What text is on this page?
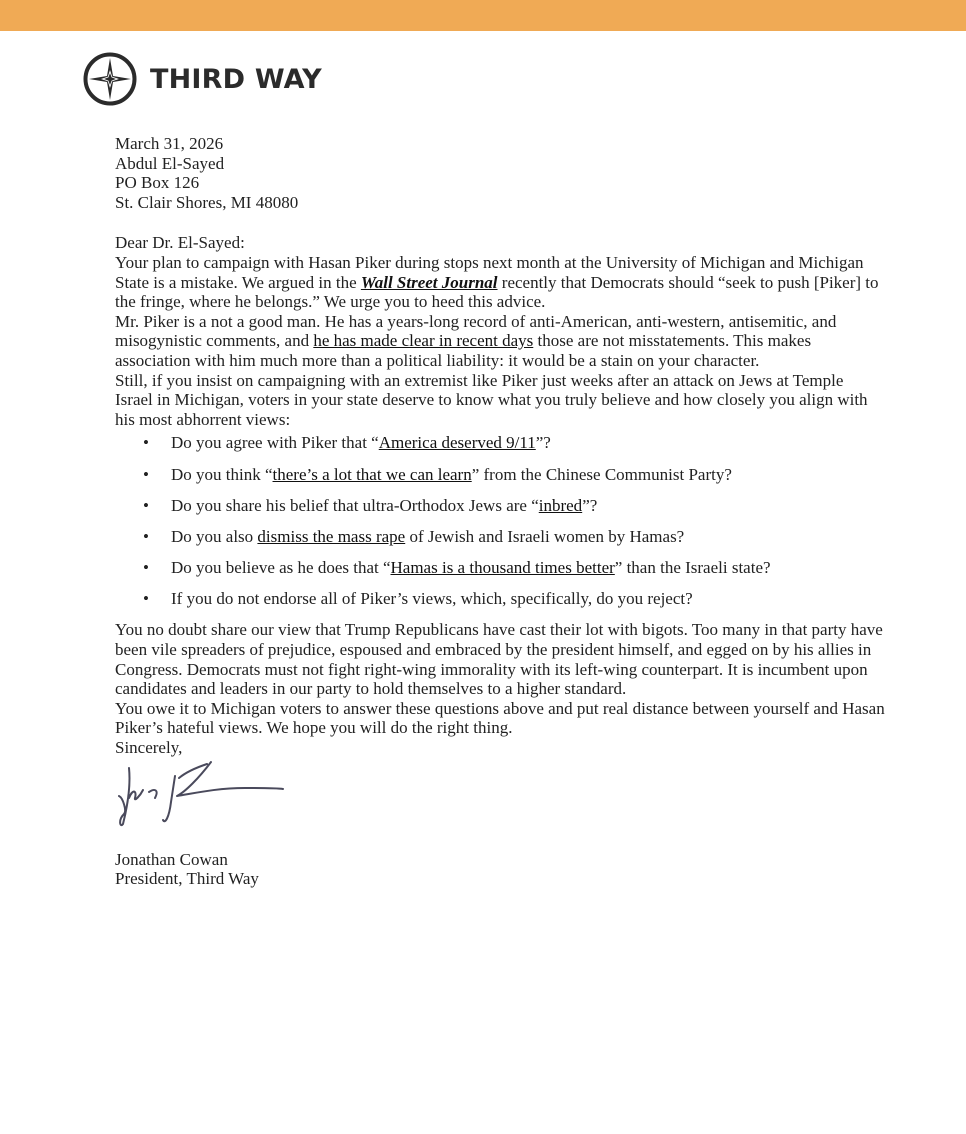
THIRD WAY

March 31, 2026

Abdul El-Sayed
PO Box 126
St. Clair Shores, MI 48080

Dear Dr. El-Sayed:

Your plan to campaign with Hasan Piker during stops next month at the University of Michigan and Michigan State is a mistake. We argued in the Wall Street Journal recently that Democrats should “seek to push [Piker] to the fringe, where he belongs.” We urge you to heed this advice.

Mr. Piker is a not a good man. He has a years-long record of anti-American, anti-western, antisemitic, and misogynistic comments, and he has made clear in recent days those are not misstatements. This makes association with him much more than a political liability: it would be a stain on your character.

Still, if you insist on campaigning with an extremist like Piker just weeks after an attack on Jews at Temple Israel in Michigan, voters in your state deserve to know what you truly believe and how closely you align with his most abhorrent views:

• Do you agree with Piker that “America deserved 9/11”?
• Do you think “there’s a lot that we can learn” from the Chinese Communist Party?
• Do you share his belief that ultra-Orthodox Jews are “inbred”?
• Do you also dismiss the mass rape of Jewish and Israeli women by Hamas?
• Do you believe as he does that “Hamas is a thousand times better” than the Israeli state?
• If you do not endorse all of Piker’s views, which, specifically, do you reject?

You no doubt share our view that Trump Republicans have cast their lot with bigots. Too many in that party have been vile spreaders of prejudice, espoused and embraced by the president himself, and egged on by his allies in Congress. Democrats must not fight right-wing immorality with its left-wing counterpart. It is incumbent upon candidates and leaders in our party to hold themselves to a higher standard.

You owe it to Michigan voters to answer these questions above and put real distance between yourself and Hasan Piker’s hateful views. We hope you will do the right thing.

Sincerely,

Jonathan Cowan
President, Third Way
